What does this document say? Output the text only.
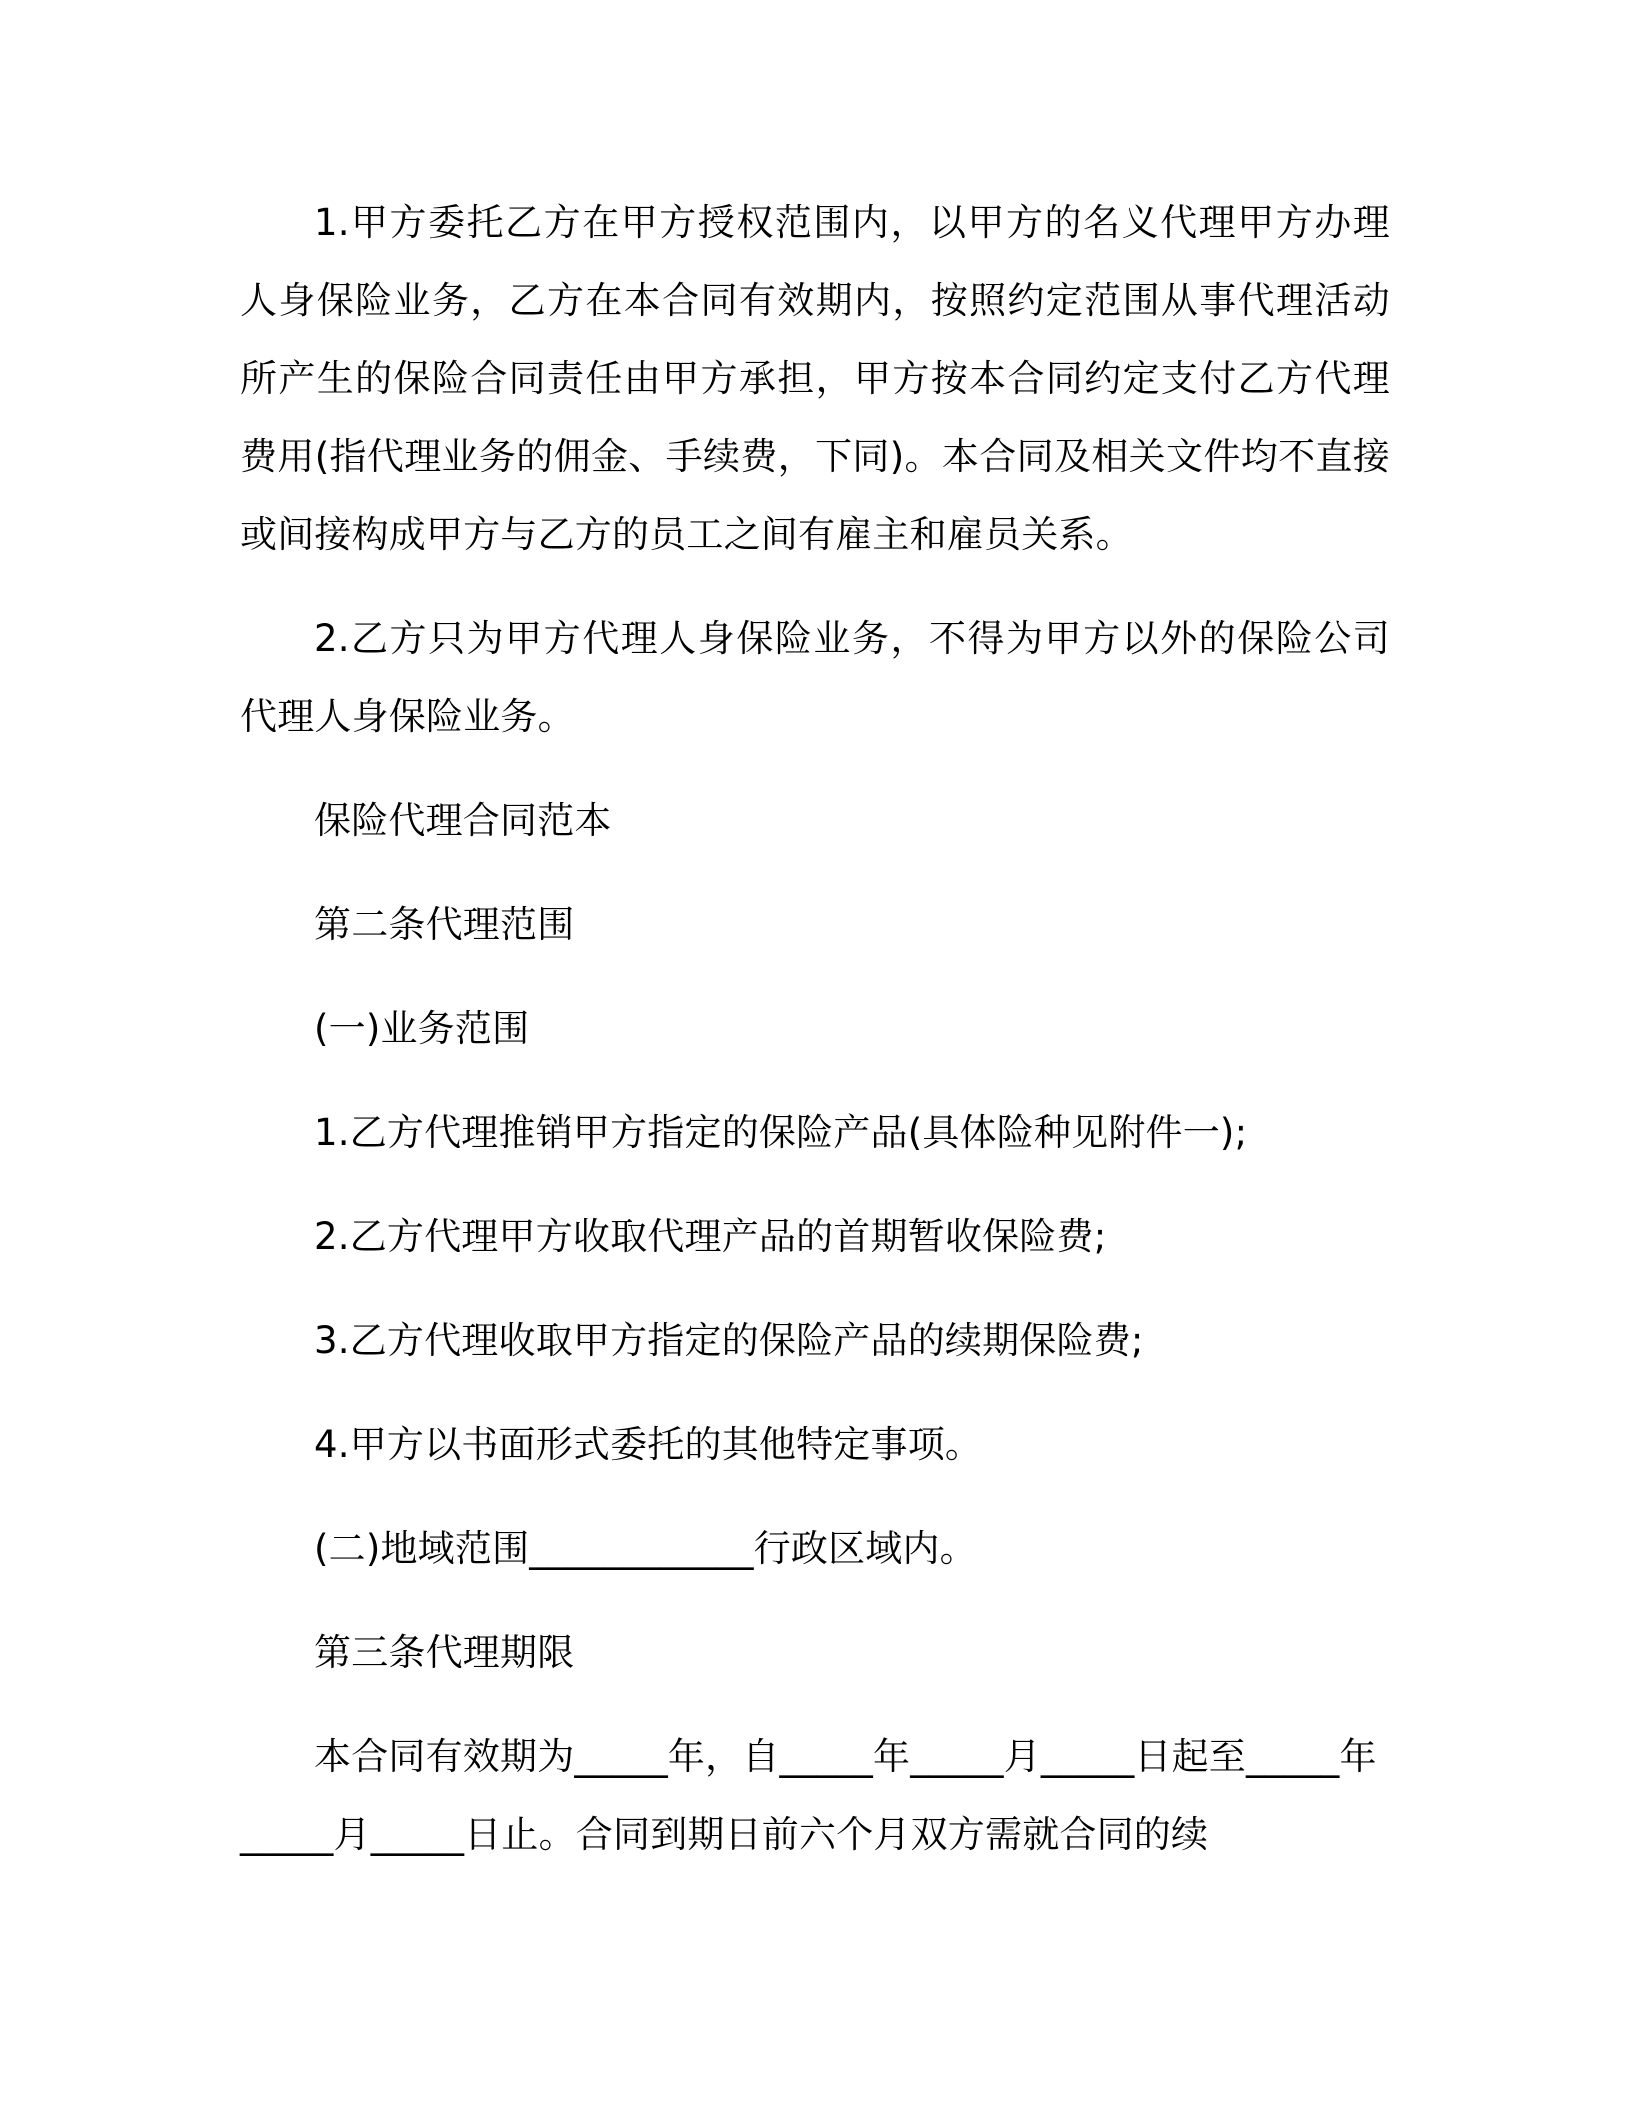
1.甲方委托乙方在甲方授权范围内，以甲方的名义代理甲方办理人身保险业务，乙方在本合同有效期内，按照约定范围从事代理活动所产生的保险合同责任由甲方承担，甲方按本合同约定支付乙方代理费用(指代理业务的佣金、手续费，下同)。本合同及相关文件均不直接或间接构成甲方与乙方的员工之间有雇主和雇员关系。

2.乙方只为甲方代理人身保险业务，不得为甲方以外的保险公司代理人身保险业务。

保险代理合同范本

第二条代理范围

(一)业务范围

1.乙方代理推销甲方指定的保险产品(具体险种见附件一);

2.乙方代理甲方收取代理产品的首期暂收保险费;

3.乙方代理收取甲方指定的保险产品的续期保险费;

4.甲方以书面形式委托的其他特定事项。

(二)地域范围____________行政区域内。

第三条代理期限

本合同有效期为_____年，自_____年_____月_____日起至_____年_____月_____日止。合同到期日前六个月双方需就合同的续
